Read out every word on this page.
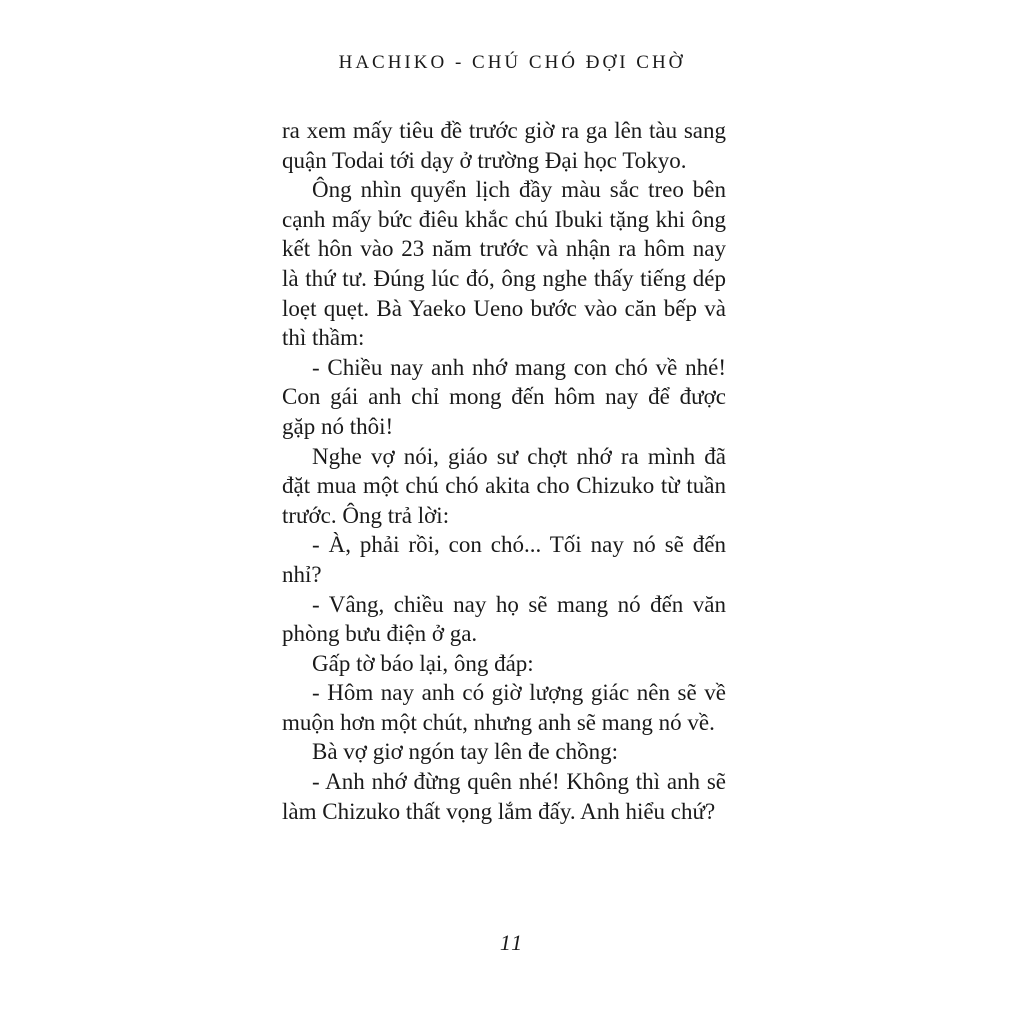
HACHIKO - CHÚ CHÓ ĐỢI CHỜ

ra xem mấy tiêu đề trước giờ ra ga lên tàu sang quận Todai tới dạy ở trường Đại học Tokyo.

Ông nhìn quyển lịch đầy màu sắc treo bên cạnh mấy bức điêu khắc chú Ibuki tặng khi ông kết hôn vào 23 năm trước và nhận ra hôm nay là thứ tư. Đúng lúc đó, ông nghe thấy tiếng dép loẹt quẹt. Bà Yaeko Ueno bước vào căn bếp và thì thầm:

- Chiều nay anh nhớ mang con chó về nhé! Con gái anh chỉ mong đến hôm nay để được gặp nó thôi!

Nghe vợ nói, giáo sư chợt nhớ ra mình đã đặt mua một chú chó akita cho Chizuko từ tuần trước. Ông trả lời:

- À, phải rồi, con chó... Tối nay nó sẽ đến nhỉ?

- Vâng, chiều nay họ sẽ mang nó đến văn phòng bưu điện ở ga.

Gấp tờ báo lại, ông đáp:

- Hôm nay anh có giờ lượng giác nên sẽ về muộn hơn một chút, nhưng anh sẽ mang nó về.

Bà vợ giơ ngón tay lên đe chồng:

- Anh nhớ đừng quên nhé! Không thì anh sẽ làm Chizuko thất vọng lắm đấy. Anh hiểu chứ?

11
